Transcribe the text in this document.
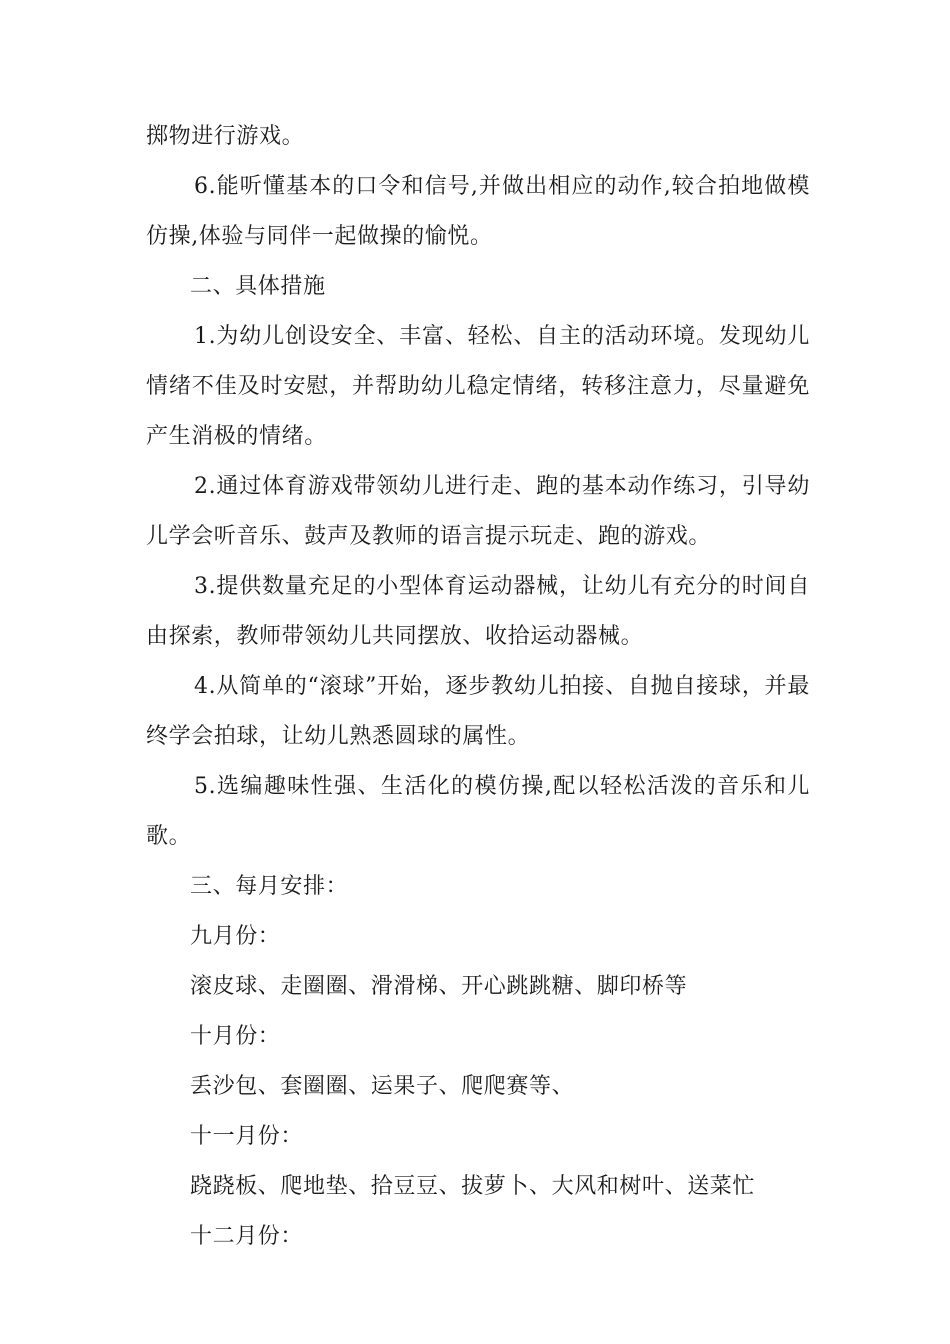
掷物进行游戏。

6.能听懂基本的口令和信号,并做出相应的动作,较合拍地做模仿操,体验与同伴一起做操的愉悦。

二、具体措施

1.为幼儿创设安全、丰富、轻松、自主的活动环境。发现幼儿情绪不佳及时安慰，并帮助幼儿稳定情绪，转移注意力，尽量避免产生消极的情绪。

2.通过体育游戏带领幼儿进行走、跑的基本动作练习，引导幼儿学会听音乐、鼓声及教师的语言提示玩走、跑的游戏。

3.提供数量充足的小型体育运动器械，让幼儿有充分的时间自由探索，教师带领幼儿共同摆放、收拾运动器械。

4.从简单的“滚球”开始，逐步教幼儿拍接、自抛自接球，并最终学会拍球，让幼儿熟悉圆球的属性。

5.选编趣味性强、生活化的模仿操,配以轻松活泼的音乐和儿歌。

三、每月安排：

九月份：

滚皮球、走圈圈、滑滑梯、开心跳跳糖、脚印桥等

十月份：

丢沙包、套圈圈、运果子、爬爬赛等、

十一月份：

跷跷板、爬地垫、拾豆豆、拔萝卜、大风和树叶、送菜忙

十二月份：
